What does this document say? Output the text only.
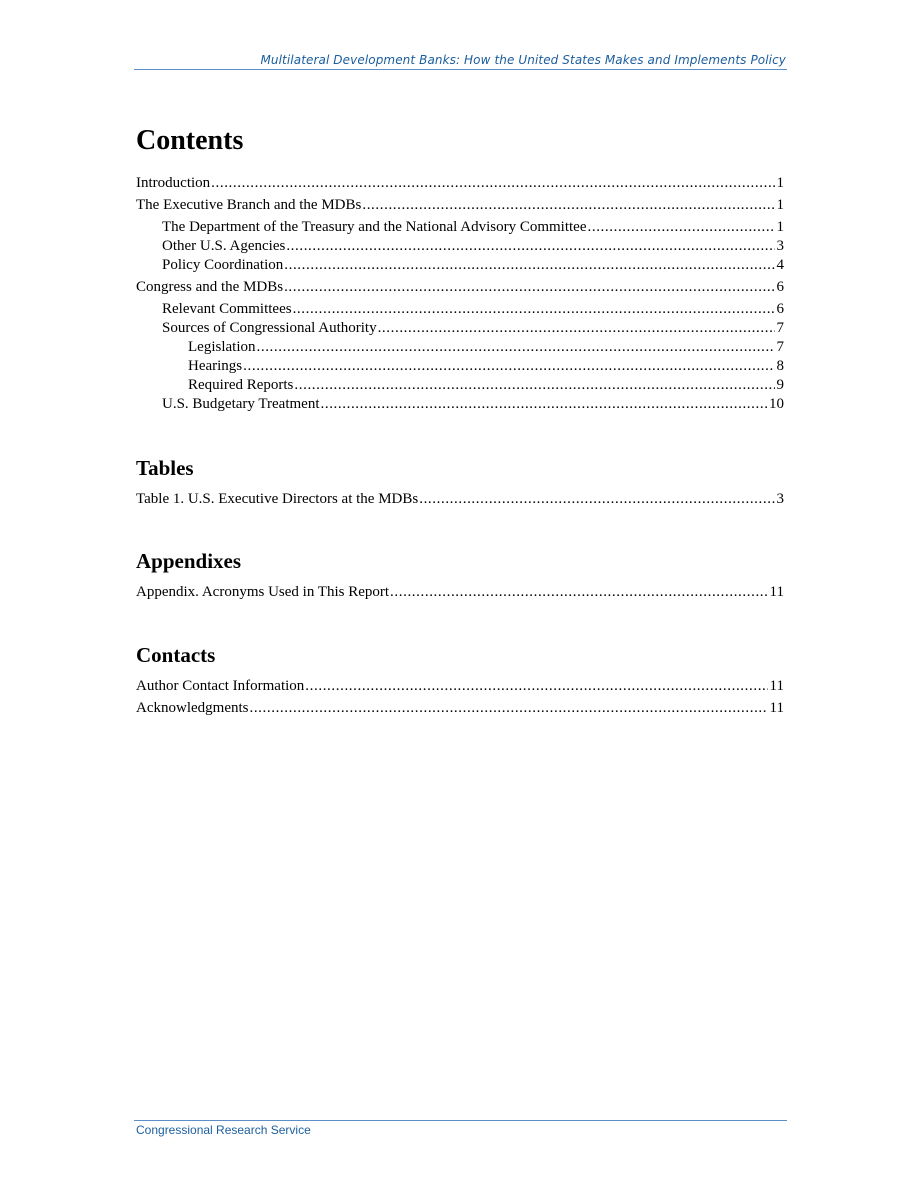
Multilateral Development Banks: How the United States Makes and Implements Policy
Contents
Introduction .....	1
The Executive Branch and the MDBs .....	1
The Department of the Treasury and the National Advisory Committee .....	1
Other U.S. Agencies .....	3
Policy Coordination .....	4
Congress and the MDBs .....	6
Relevant Committees .....	6
Sources of Congressional Authority .....	7
Legislation .....	7
Hearings .....	8
Required Reports .....	9
U.S. Budgetary Treatment .....	10
Tables
Table 1. U.S. Executive Directors at the MDBs .....	3
Appendixes
Appendix. Acronyms Used in This Report .....	11
Contacts
Author Contact Information .....	11
Acknowledgments .....	11
Congressional Research Service
